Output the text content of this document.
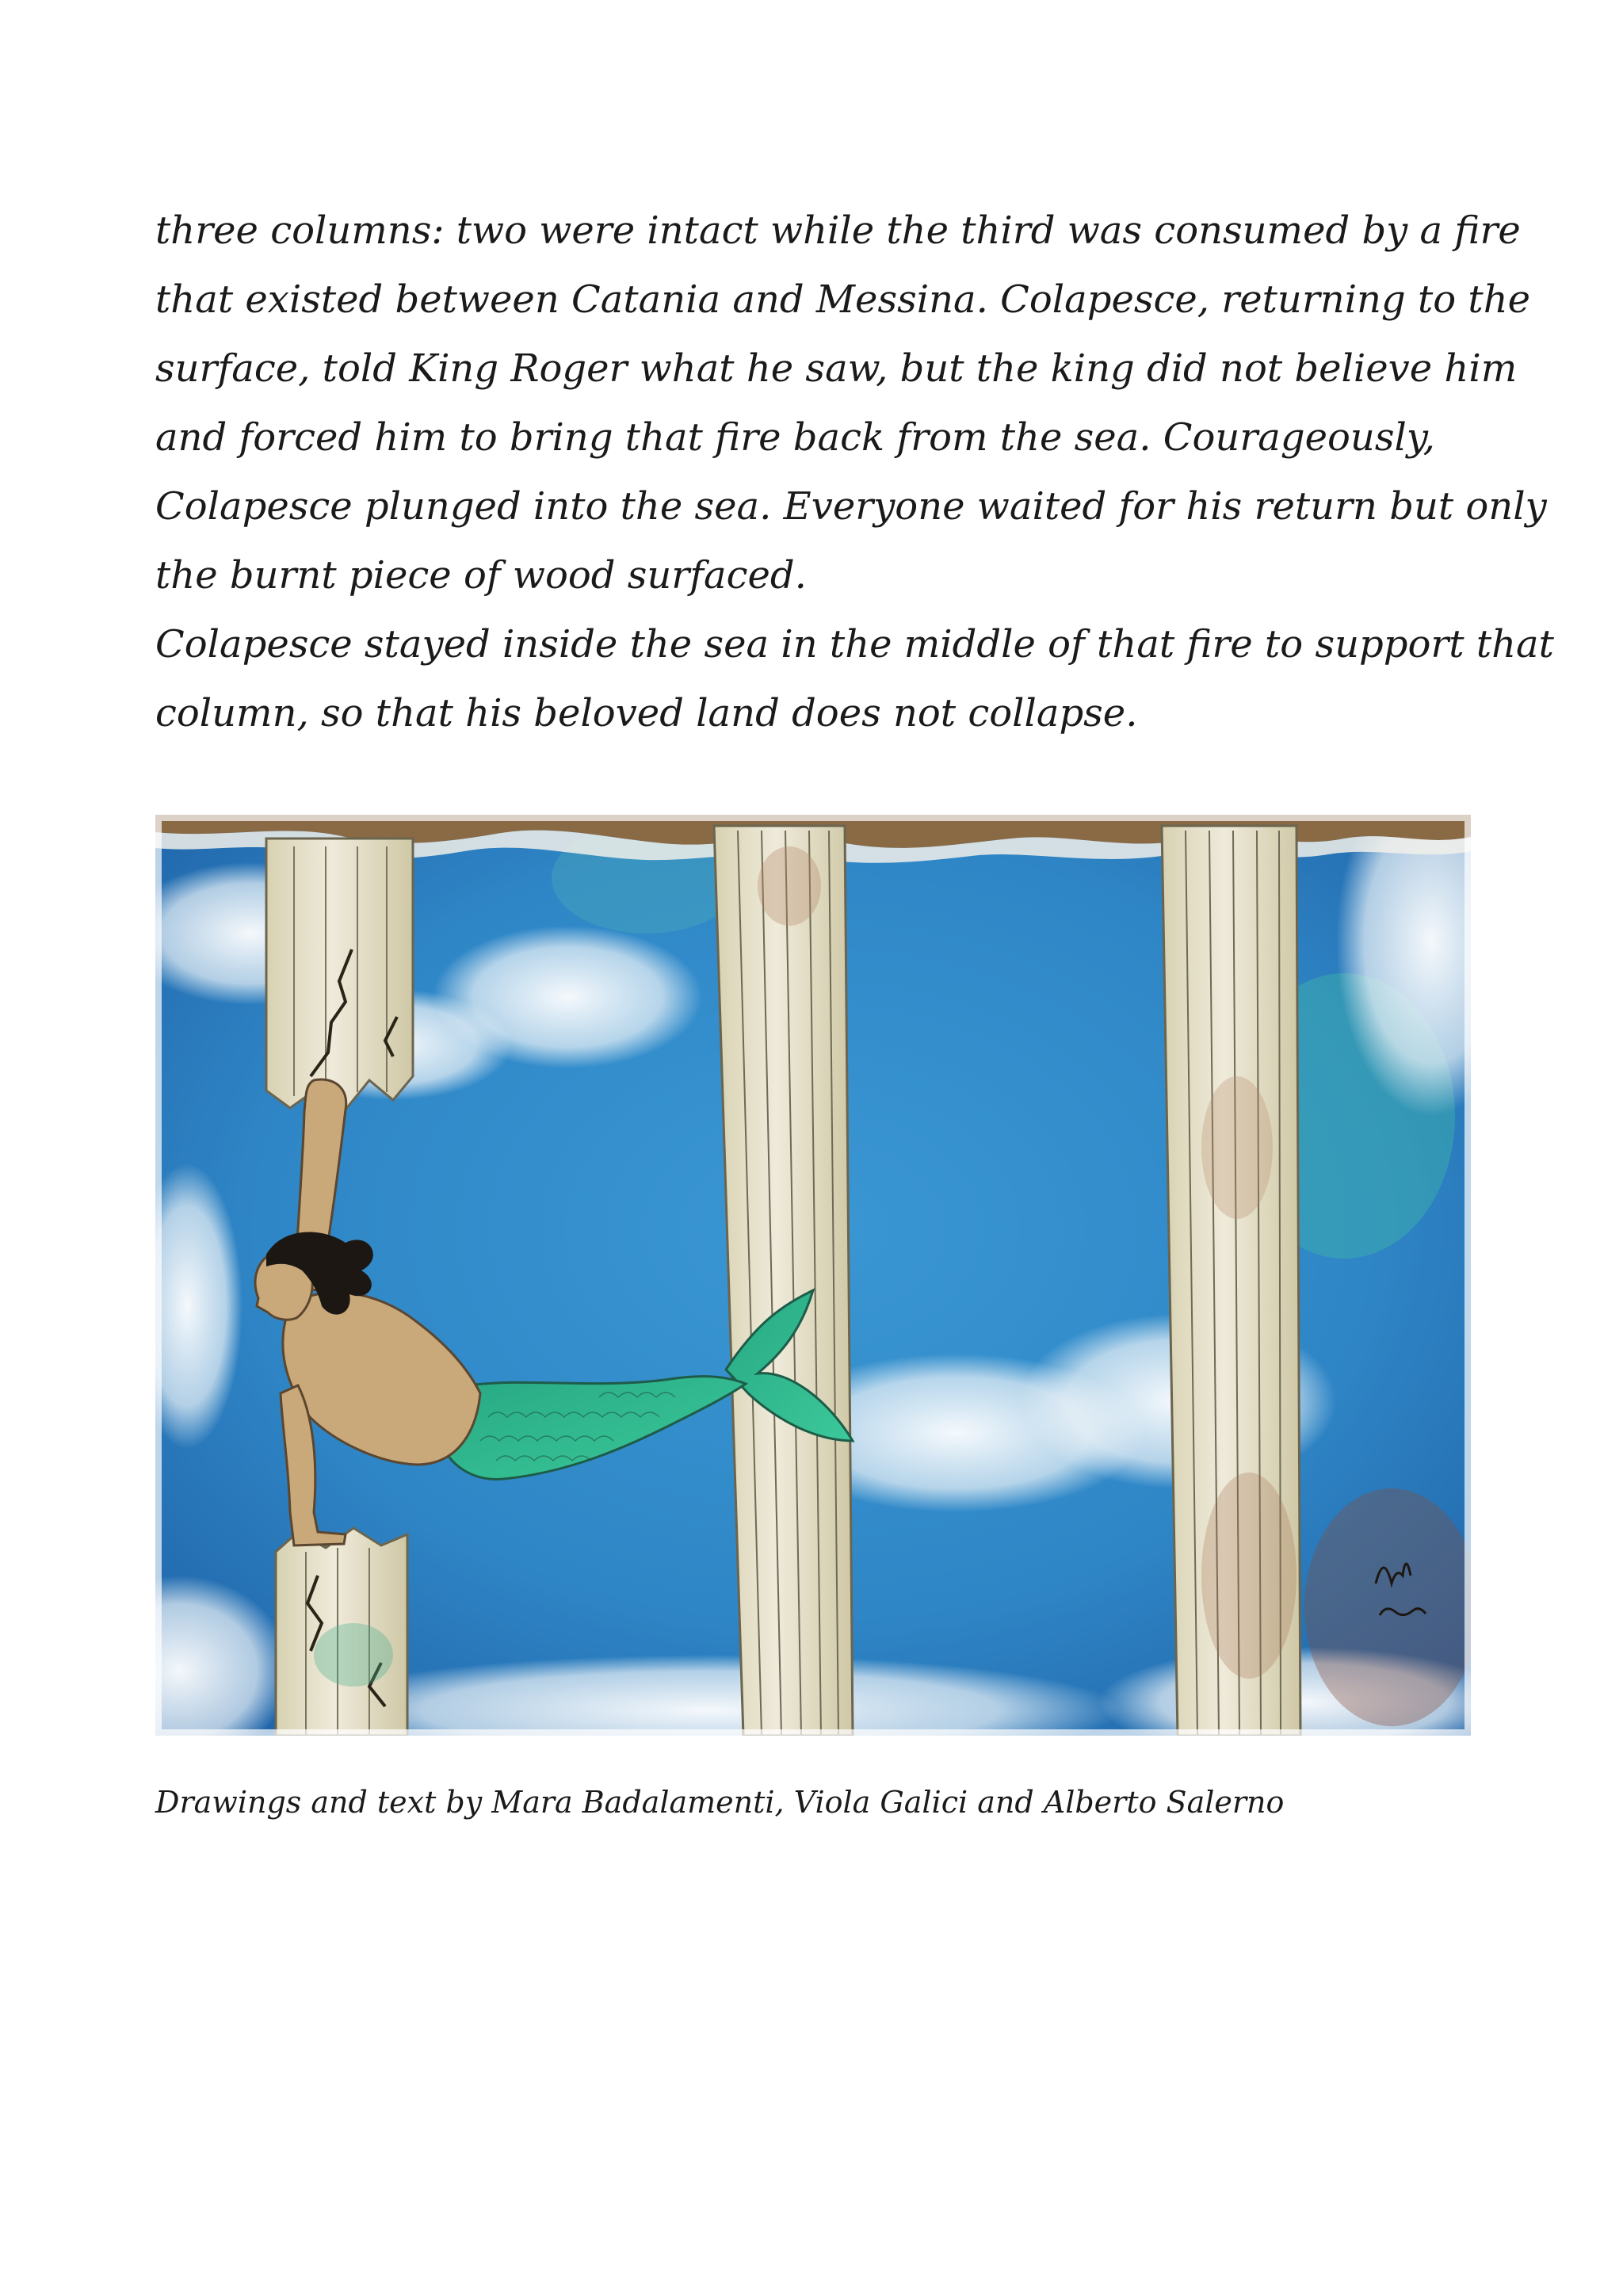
three columns: two were intact while the third was consumed by a fire
that existed between Catania and Messina. Colapesce, returning to the
surface, told King Roger what he saw, but the king did not believe him
and forced him to bring that fire back from the sea. Courageously,
Colapesce plunged into the sea. Everyone waited for his return but only
the burnt piece of wood surfaced.
Colapesce stayed inside the sea in the middle of that fire to support that
column, so that his beloved land does not collapse.
Drawings and text by Mara Badalamenti, Viola Galici and Alberto Salerno
